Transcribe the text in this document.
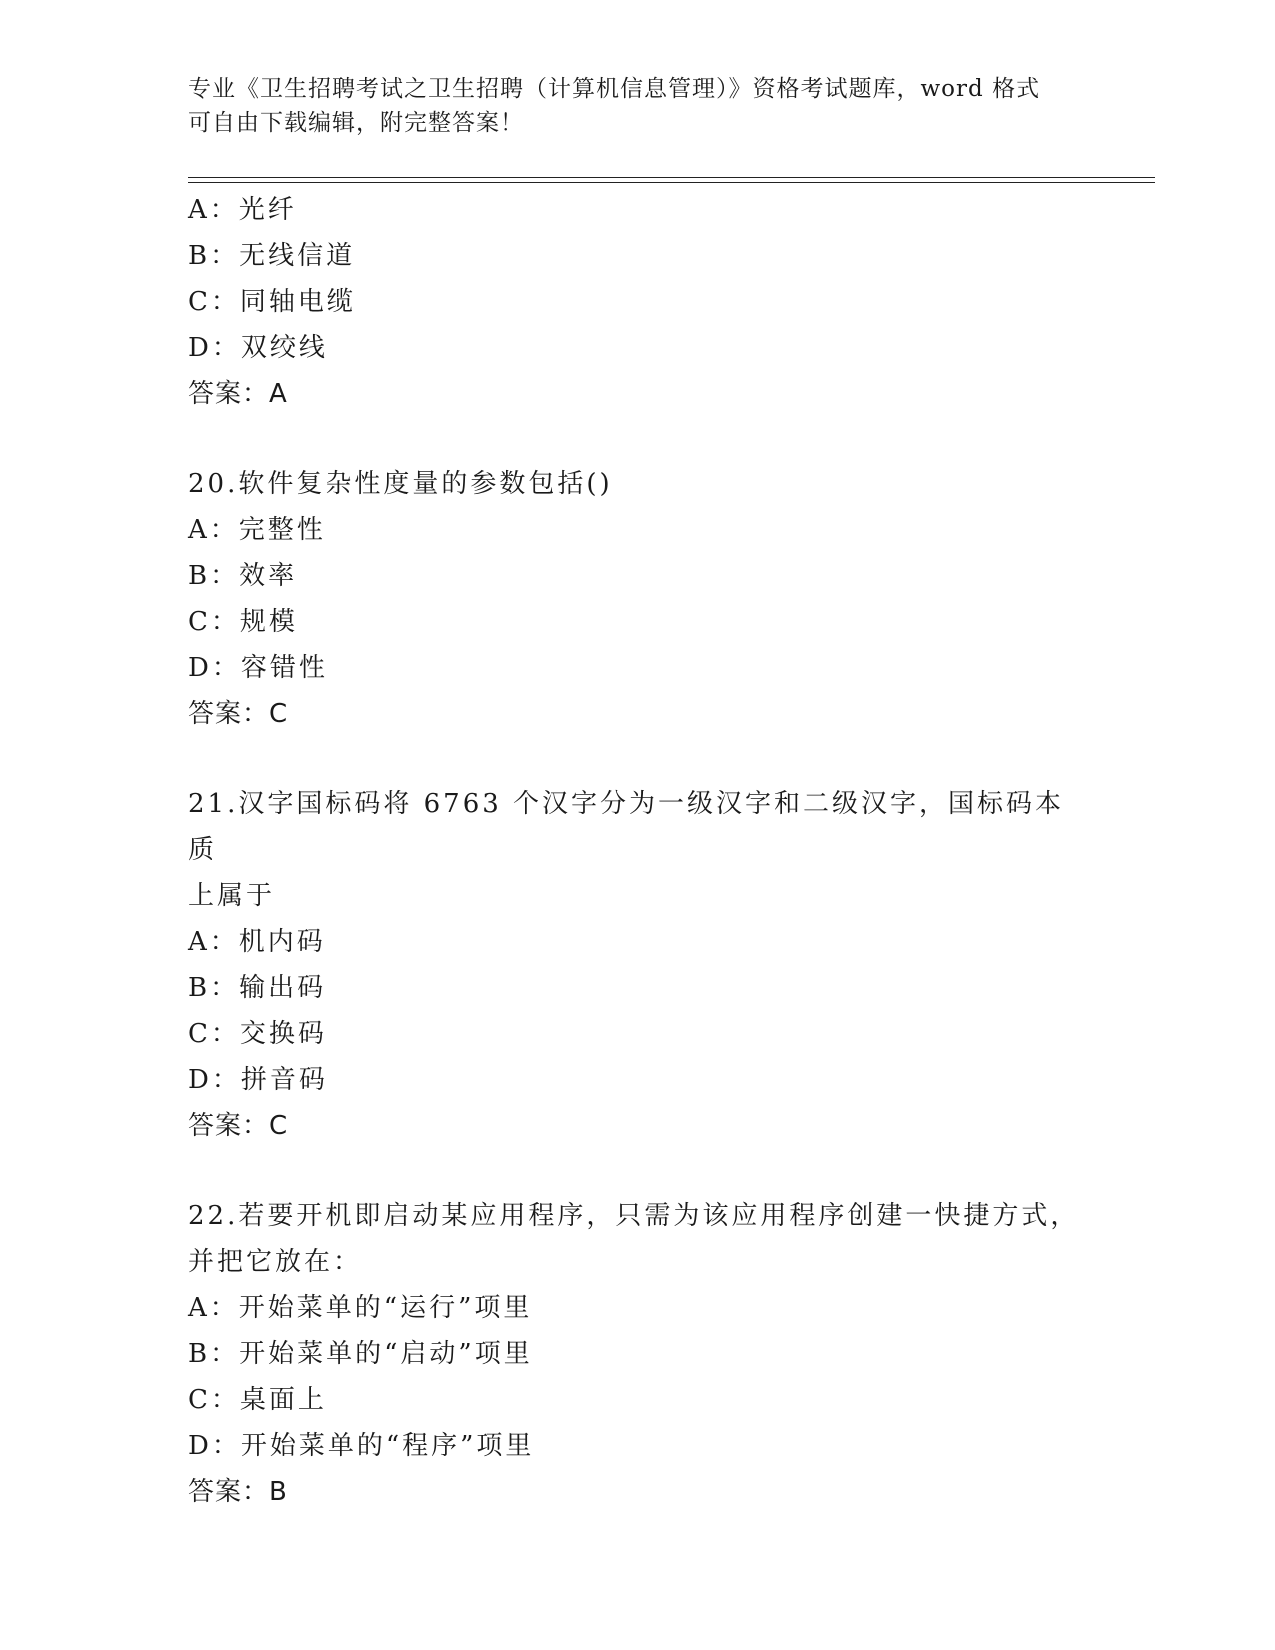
专业《卫生招聘考试之卫生招聘（计算机信息管理）》资格考试题库，word 格式
可自由下载编辑，附完整答案！
A：光纤
B：无线信道
C：同轴电缆
D：双绞线
答案：A
20.软件复杂性度量的参数包括()
A：完整性
B：效率
C：规模
D：容错性
答案：C
21.汉字国标码将 6763 个汉字分为一级汉字和二级汉字，国标码本质
上属于
A：机内码
B：输出码
C：交换码
D：拼音码
答案：C
22.若要开机即启动某应用程序，只需为该应用程序创建一快捷方式，
并把它放在：
A：开始菜单的“运行”项里
B：开始菜单的“启动”项里
C：桌面上
D：开始菜单的“程序”项里
答案：B
